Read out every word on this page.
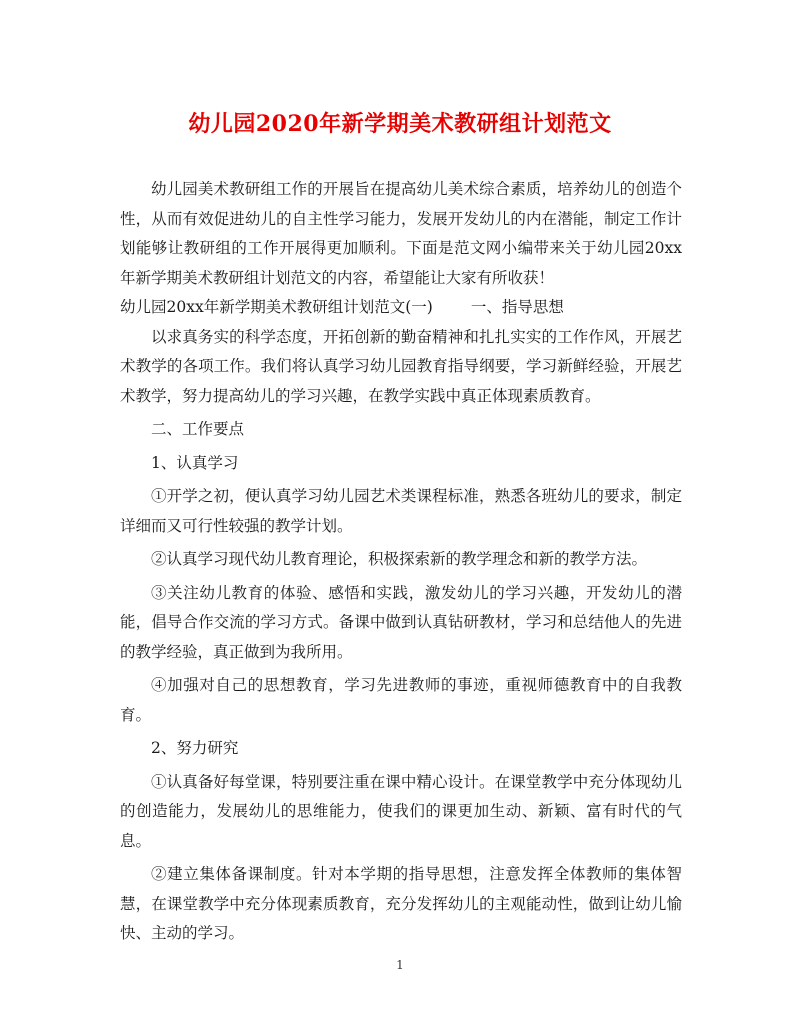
幼儿园2020年新学期美术教研组计划范文

幼儿园美术教研组工作的开展旨在提高幼儿美术综合素质，培养幼儿的创造个性，从而有效促进幼儿的自主性学习能力，发展开发幼儿的内在潜能，制定工作计划能够让教研组的工作开展得更加顺利。下面是范文网小编带来关于幼儿园20xx年新学期美术教研组计划范文的内容，希望能让大家有所收获！

幼儿园20xx年新学期美术教研组计划范文(一) 一、指导思想

以求真务实的科学态度，开拓创新的勤奋精神和扎扎实实的工作作风，开展艺术教学的各项工作。我们将认真学习幼儿园教育指导纲要，学习新鲜经验，开展艺术教学，努力提高幼儿的学习兴趣，在教学实践中真正体现素质教育。

二、工作要点

1、认真学习

①开学之初，便认真学习幼儿园艺术类课程标准，熟悉各班幼儿的要求，制定详细而又可行性较强的教学计划。

②认真学习现代幼儿教育理论，积极探索新的教学理念和新的教学方法。

③关注幼儿教育的体验、感悟和实践，激发幼儿的学习兴趣，开发幼儿的潜能，倡导合作交流的学习方式。备课中做到认真钻研教材，学习和总结他人的先进的教学经验，真正做到为我所用。

④加强对自己的思想教育，学习先进教师的事迹，重视师德教育中的自我教育。

2、努力研究

①认真备好每堂课，特别要注重在课中精心设计。在课堂教学中充分体现幼儿的创造能力，发展幼儿的思维能力，使我们的课更加生动、新颖、富有时代的气息。

②建立集体备课制度。针对本学期的指导思想，注意发挥全体教师的集体智慧，在课堂教学中充分体现素质教育，充分发挥幼儿的主观能动性，做到让幼儿愉快、主动的学习。

1
